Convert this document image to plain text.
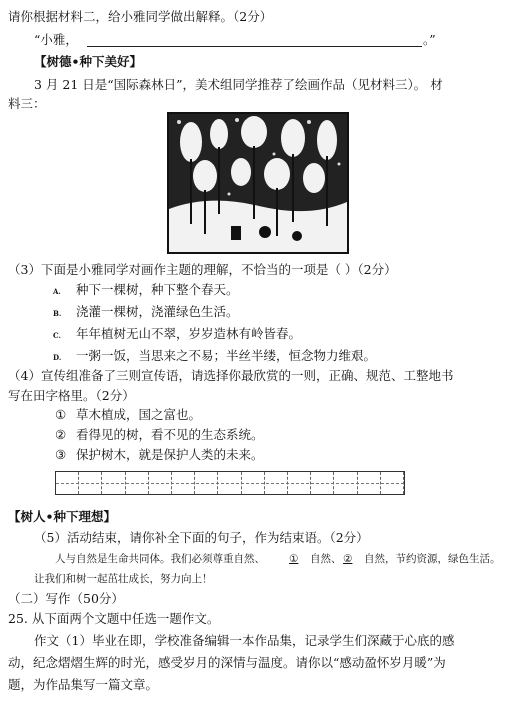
请你根据材料二，给小雅同学做出解释。（2分）
“小雅，	。”
【树德•种下美好】
3 月 21 日是“国际森林日”，美术组同学推荐了绘画作品（见材料三）。 材
料三：
（3）下面是小雅同学对画作主题的理解，不恰当的一项是（ ）（2分）
A. 种下一棵树，种下整个春天。
B. 浇灌一棵树，浇灌绿色生活。
C. 年年植树无山不翠，岁岁造林有岭皆春。
D. 一粥一饭，当思来之不易；半丝半缕，恒念物力维艰。
（4）宣传组准备了三则宣传语，请选择你最欣赏的一则，正确、规范、工整地书
写在田字格里。（2分）
① 草木植成，国之富也。
② 看得见的树，看不见的生态系统。
③ 保护树木，就是保护人类的未来。
【树人•种下理想】
（5）活动结束，请你补全下面的句子，作为结束语。（2分）
人与自然是生命共同体。我们必须尊重自然、 ① 自然、 ② 自然，节约资源，绿色生活。
让我们和树一起茁壮成长，努力向上！
（二）写作（50分）
25. 从下面两个文题中任选一题作文。
作文（1）毕业在即，学校准备编辑一本作品集，记录学生们深藏于心底的感
动，纪念熠熠生辉的时光，感受岁月的深情与温度。请你以“感动盈怀岁月暖”为
题，为作品集写一篇文章。
